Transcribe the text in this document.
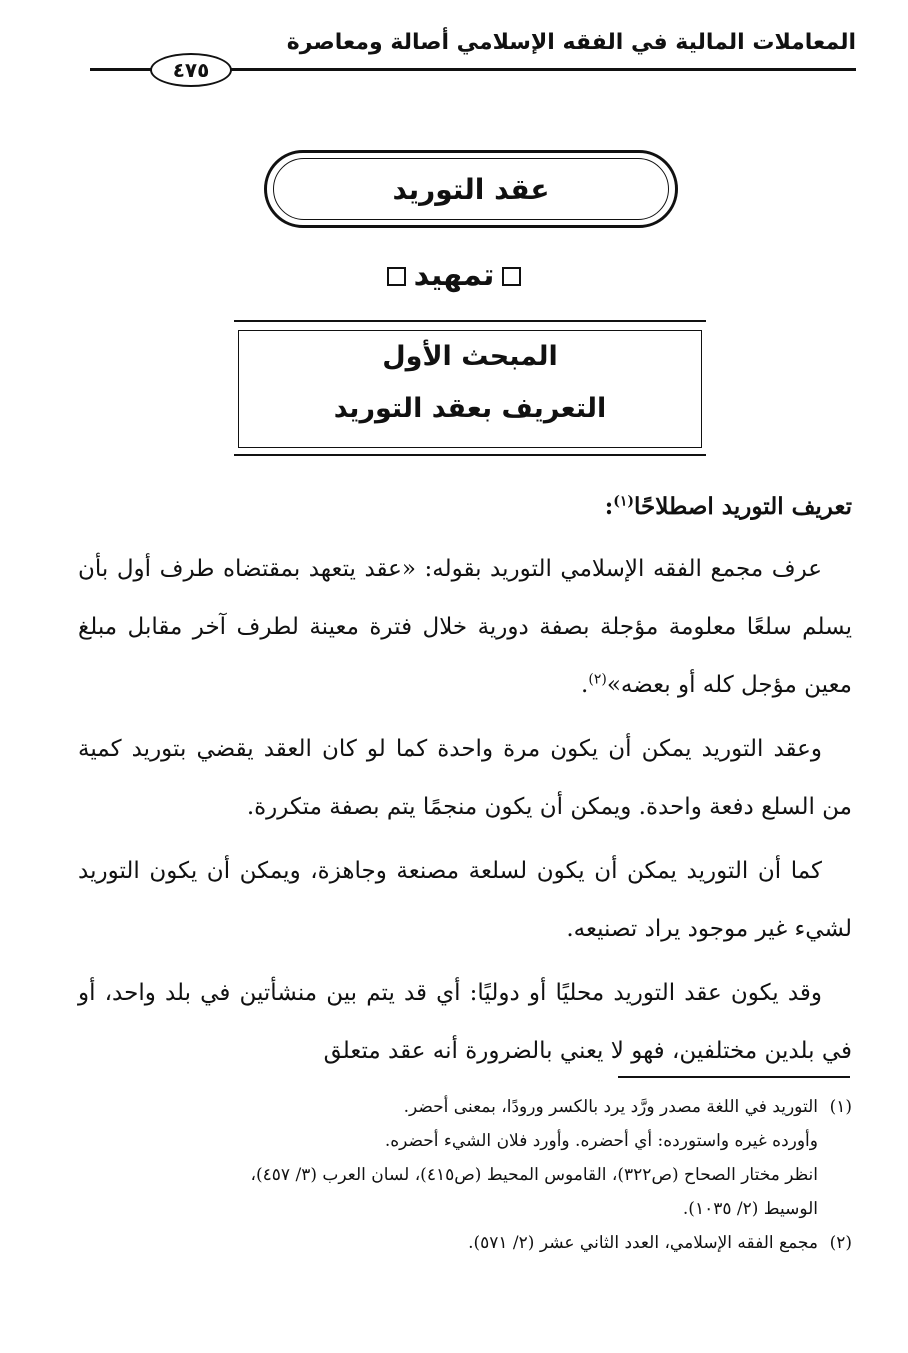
المعاملات المالية في الفقه الإسلامي أصالة ومعاصرة
٤٧٥
عقد التوريد
تمهيد
المبحث الأول
التعريف بعقد التوريد

تعريف التوريد اصطلاحًا$^{(١)}$:

عرف مجمع الفقه الإسلامي التوريد بقوله: «عقد يتعهد بمقتضاه طرف أول بأن يسلم سلعًا معلومة مؤجلة بصفة دورية خلال فترة معينة لطرف آخر مقابل مبلغ معين مؤجل كله أو بعضه»$^{(٢)}$.

وعقد التوريد يمكن أن يكون مرة واحدة كما لو كان العقد يقضي بتوريد كمية من السلع دفعة واحدة. ويمكن أن يكون منجمًا يتم بصفة متكررة.

كما أن التوريد يمكن أن يكون لسلعة مصنعة وجاهزة، ويمكن أن يكون التوريد لشيء غير موجود يراد تصنيعه.

وقد يكون عقد التوريد محليًا أو دوليًا: أي قد يتم بين منشأتين في بلد واحد، أو في بلدين مختلفين، فهو لا يعني بالضرورة أنه عقد متعلق

(١)التوريد في اللغة مصدر ورَّد يرد بالكسر ورودًا، بمعنى أحضر.
وأورده غيره واستورده: أي أحضره. وأورد فلان الشيء أحضره.
انظر مختار الصحاح (ص٣٢٢)، القاموس المحيط (ص٤١٥)، لسان العرب (٣/ ٤٥٧)،
الوسيط (٢/ ١٠٣٥).
(٢)مجمع الفقه الإسلامي، العدد الثاني عشر (٢/ ٥٧١).
